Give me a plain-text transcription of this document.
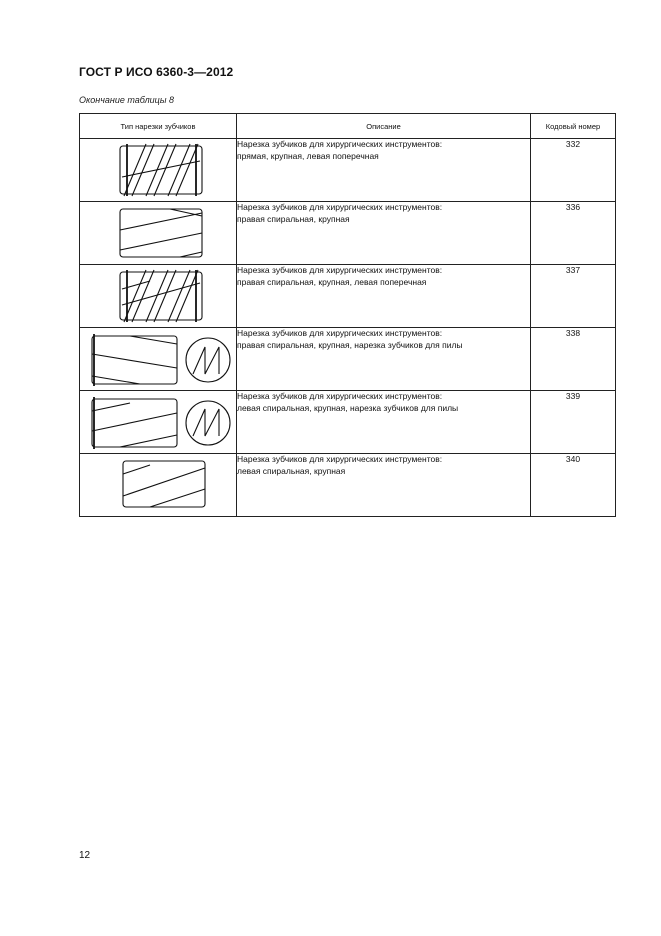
ГОСТ Р ИСО 6360-3—2012
Окончание таблицы 8
Тип нарезки зубчиков	Описание	Кодовый номер

Нарезка зубчиков для хирургических инструментов:
прямая, крупная, левая поперечная	332

Нарезка зубчиков для хирургических инструментов:
правая спиральная, крупная	336

Нарезка зубчиков для хирургических инструментов:
правая спиральная, крупная, левая поперечная	337

Нарезка зубчиков для хирургических инструментов:
правая спиральная, крупная, нарезка зубчиков для пилы	338

Нарезка зубчиков для хирургических инструментов:
левая спиральная, крупная, нарезка зубчиков для пилы	339

Нарезка зубчиков для хирургических инструментов:
левая спиральная, крупная	340
12
